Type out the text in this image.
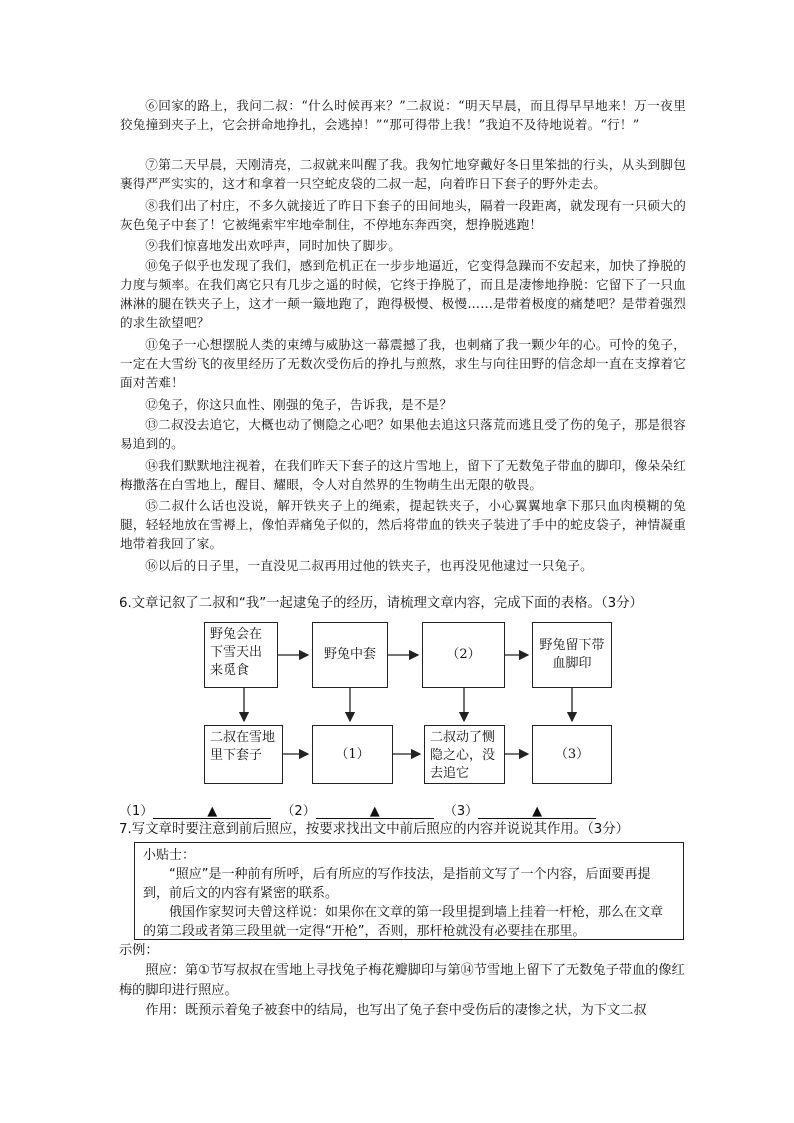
⑥回家的路上，我问二叔：“什么时候再来？”二叔说：“明天早晨，而且得早早地来！万一夜里狡兔撞到夹子上，它会拼命地挣扎，会逃掉！”“那可得带上我！”我迫不及待地说着。“行！”

⑦第二天早晨，天刚清亮，二叔就来叫醒了我。我匆忙地穿戴好冬日里笨拙的行头，从头到脚包裹得严严实实的，这才和拿着一只空蛇皮袋的二叔一起，向着昨日下套子的野外走去。

⑧我们出了村庄，不多久就接近了昨日下套子的田间地头，隔着一段距离，就发现有一只硕大的灰色兔子中套了！它被绳索牢牢地牵制住，不停地东奔西突，想挣脱逃跑！

⑨我们惊喜地发出欢呼声，同时加快了脚步。

⑩兔子似乎也发现了我们，感到危机正在一步步地逼近，它变得急躁而不安起来，加快了挣脱的力度与频率。在我们离它只有几步之遥的时候，它终于挣脱了，而且是凄惨地挣脱：它留下了一只血淋淋的腿在铁夹子上，这才一颠一簸地跑了，跑得极慢、极慢……是带着极度的痛楚吧？是带着强烈的求生欲望吧？

⑪兔子一心想摆脱人类的束缚与威胁这一幕震撼了我，也刺痛了我一颗少年的心。可怜的兔子，一定在大雪纷飞的夜里经历了无数次受伤后的挣扎与煎熬，求生与向往田野的信念却一直在支撑着它面对苦难！

⑫兔子，你这只血性、刚强的兔子，告诉我，是不是？

⑬二叔没去追它，大概也动了恻隐之心吧？如果他去追这只落荒而逃且受了伤的兔子，那是很容易追到的。

⑭我们默默地注视着，在我们昨天下套子的这片雪地上，留下了无数兔子带血的脚印，像朵朵红梅撒落在白雪地上，醒目、耀眼，令人对自然界的生物萌生出无限的敬畏。

⑮二叔什么话也没说，解开铁夹子上的绳索，提起铁夹子，小心翼翼地拿下那只血肉模糊的兔腿，轻轻地放在雪褥上，像怕弄痛兔子似的，然后将带血的铁夹子装进了手中的蛇皮袋子，神情凝重地带着我回了家。

⑯以后的日子里，一直没见二叔再用过他的铁夹子，也再没见他逮过一只兔子。

6.文章记叙了二叔和“我”一起逮兔子的经历，请梳理文章内容，完成下面的表格。（3分）

野兔会在下雪天出来觅食
野兔中套	（2）
野兔留下带血脚印
二叔在雪地里下套子	（1）
二叔动了恻隐之心，没去追它
（3）
（1）	▲	（2）	▲	（3）	▲

7.写文章时要注意到前后照应，按要求找出文中前后照应的内容并说说其作用。（3分）

小贴士：

“照应”是一种前有所呼，后有所应的写作技法，是指前文写了一个内容，后面要再提到，前后文的内容有紧密的联系。

俄国作家契诃夫曾这样说：如果你在文章的第一段里提到墙上挂着一杆枪，那么在文章的第二段或者第三段里就一定得“开枪”，否则，那杆枪就没有必要挂在那里。

示例：

照应：第①节写叔叔在雪地上寻找兔子梅花瓣脚印与第⑭节雪地上留下了无数兔子带血的像红梅的脚印进行照应。

作用：既预示着兔子被套中的结局，也写出了兔子套中受伤后的凄惨之状，为下文二叔
